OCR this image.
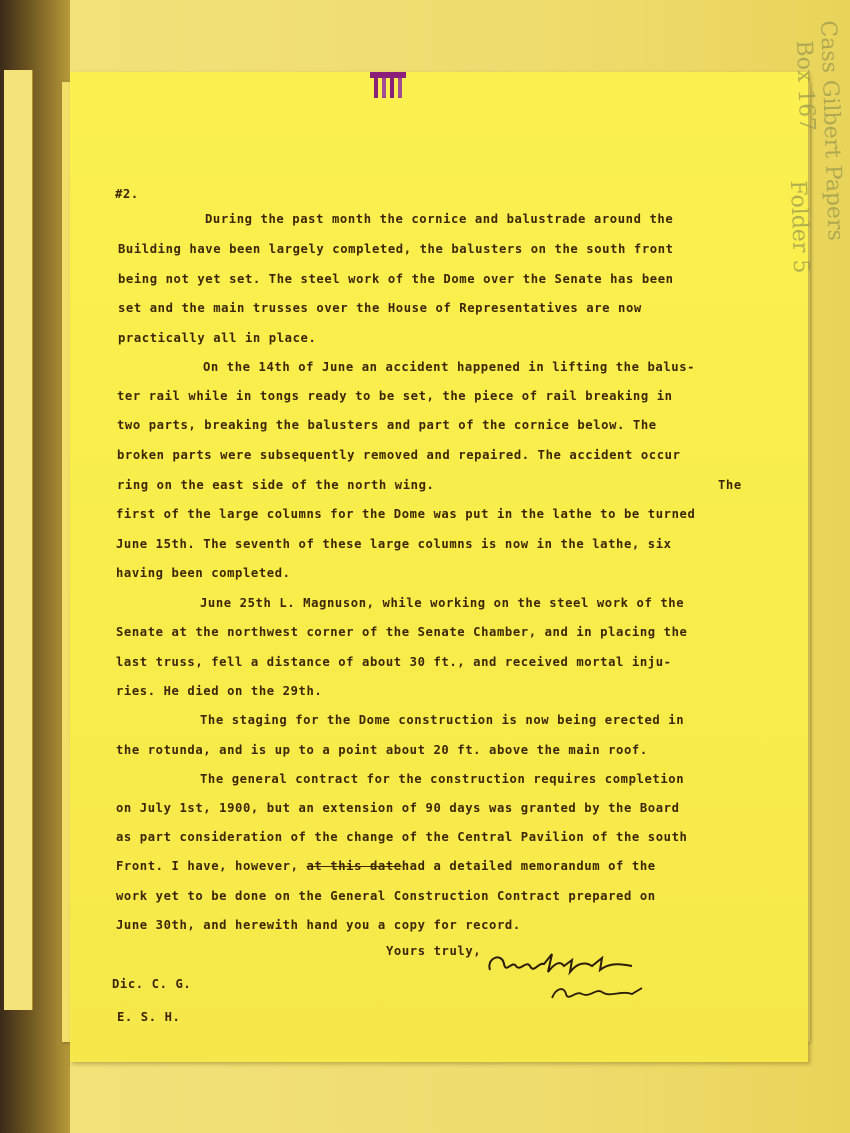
Cass Gilbert Papers
Box 167
Folder 5
#2.
During the past month the cornice and balustrade around the
Building have been largely completed, the balusters on the south front
being not yet set. The steel work of the Dome over the Senate has been
set and the main trusses over the House of Representatives are now
practically all in place.
On the 14th of June an accident happened in lifting the balus-
ter rail while in tongs ready to be set, the piece of rail breaking in
two parts, breaking the balusters and part of the cornice below. The
broken parts were subsequently removed and repaired. The accident occur
ring on the east side of the north wing.	The
first of the large columns for the Dome was put in the lathe to be turned
June 15th. The seventh of these large columns is now in the lathe, six
having been completed.
June 25th L. Magnuson, while working on the steel work of the
Senate at the northwest corner of the Senate Chamber, and in placing the
last truss, fell a distance of about 30 ft., and received mortal inju-
ries. He died on the 29th.
The staging for the Dome construction is now being erected in
the rotunda, and is up to a point about 20 ft. above the main roof.
The general contract for the construction requires completion
on July 1st, 1900, but an extension of 90 days was granted by the Board
as part consideration of the change of the Central Pavilion of the south
Front. I have, however, at this datehad a detailed memorandum of the
work yet to be done on the General Construction Contract prepared on
June 30th, and herewith hand you a copy for record.
Yours truly,
Dic. C. G.
E. S. H.
